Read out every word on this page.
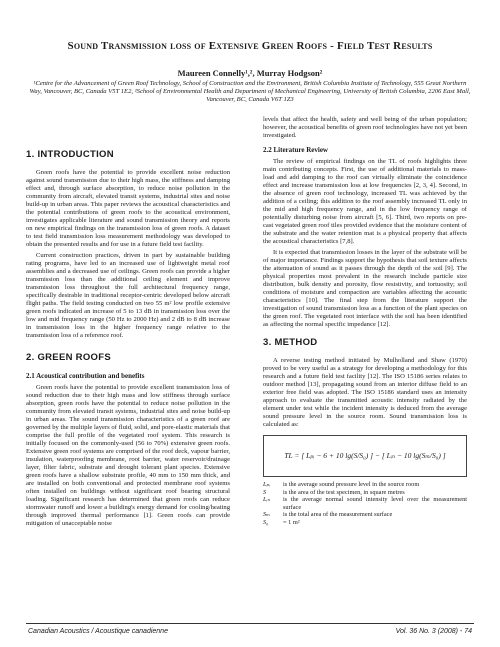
Sound Transmission loss of Extensive Green Roofs - Field Test Results
Maureen Connelly¹,², Murray Hodgson²
¹Centre for the Advancement of Green Roof Technology, School of Construction and the Environment, British Columbia Institute of Technology, 555 Great Northern Way, Vancouver, BC, Canada V5T 1E2, ²School of Environmental Health and Department of Mechanical Engineering, University of British Columbia, 2206 East Mall, Vancouver, BC, Canada V6T 1Z3
1. INTRODUCTION

Green roofs have the potential to provide excellent noise reduction against sound transmission due to their high mass, the stiffness and damping effect and, through surface absorption, to reduce noise pollution in the community from aircraft, elevated transit systems, industrial sites and noise build-up in urban areas. This paper reviews the acoustical characteristics and the potential contributions of green roofs to the acoustical environment, investigates applicable literature and sound transmission theory and reports on new empirical findings on the transmission loss of green roofs. A dataset to test field transmission loss measurement methodology was developed to obtain the presented results and for use in a future field test facility.

Current construction practices, driven in part by sustainable building rating programs, have led to an increased use of lightweight metal roof assemblies and a decreased use of ceilings. Green roofs can provide a higher transmission loss than the additional ceiling element and improve transmission loss throughout the full architectural frequency range, specifically desirable in traditional receptor-centric developed below aircraft flight paths. The field testing conducted on two 55 m² low profile extensive green roofs indicated an increase of 5 to 13 dB in transmission loss over the low and mid frequency range (50 Hz to 2000 Hz) and 2 dB to 8 dB increase in transmission loss in the higher frequency range relative to the transmission loss of a reference roof.

2. GREEN ROOFS
2.1 Acoustical contribution and benefits

Green roofs have the potential to provide excellent transmission loss of sound reduction due to their high mass and low stiffness through surface absorption, green roofs have the potential to reduce noise pollution in the community from elevated transit systems, industrial sites and noise build-up in urban areas. The sound transmission characteristics of a green roof are governed by the multiple layers of fluid, solid, and pore-elastic materials that comprise the full profile of the vegetated roof system. This research is initially focused on the commonly-used (56 to 70%) extensive green roofs. Extensive green roof systems are comprised of the roof deck, vapour barrier, insulation, waterproofing membrane, root barrier, water reservoir/drainage layer, filter fabric, substrate and drought tolerant plant species. Extensive green roofs have a shallow substrate profile, 40 mm to 150 mm thick, and are installed on both conventional and protected membrane roof systems often installed on buildings without significant roof bearing structural loading. Significant research has determined that green roofs can reduce stormwater runoff and lower a building's energy demand for cooling/heating through improved thermal performance [1]. Green roofs can provide mitigation of unacceptable noise

levels that affect the health, safety and well being of the urban population; however, the acoustical benefits of green roof technologies have not yet been investigated.

2.2 Literature Review

The review of empirical findings on the TL of roofs highlights three main contributing concepts. First, the use of additional materials to mass-load and add damping to the roof can virtually eliminate the coincidence effect and increase transmission loss at low frequencies [2, 3, 4]. Second, in the absence of green roof technology, increased TL was achieved by the addition of a ceiling; this addition to the roof assembly increased TL only in the mid and high frequency range, and in the low frequency range of potentially disturbing noise from aircraft [5, 6]. Third, two reports on pre-cast vegetated green roof tiles provided evidence that the moisture content of the substrate and the water retention mat is a physical property that affects the acoustical characteristics [7,8].

It is expected that transmission losses in the layer of the substrate will be of major importance. Findings support the hypothesis that soil texture affects the attenuation of sound as it passes through the depth of the soil [9]. The physical properties most prevalent in the research include particle size distribution, bulk density and porosity, flow resistivity, and tortuosity; soil conditions of moisture and compaction are variables affecting the acoustic characteristics [10]. The final step from the literature support the investigation of sound transmission loss as a function of the plant species on the green roof. The vegetated root interface with the soil has been identified as affecting the normal specific impedance [12].

3. METHOD

A reverse testing method initiated by Mulholland and Shaw (1970) proved to be very useful as a strategy for developing a methodology for this research and a future field test facility [12]. The ISO 15186 series relates to outdoor method [13], propagating sound from an interior diffuse field to an exterior free field was adopted. The ISO 15186 standard uses an intensity approach to evaluate the transmitted acoustic intensity radiated by the element under test while the incident intensity is deduced from the average sound pressure level in the source room. Sound transmission loss is calculated as:

TL = [ Lₚᵢ − 6 + 10 lg(S/S₀) ] − [ Lᵢₙ − 10 lg(Sₘ/S₀) ]
Lₚᵢ	is the average sound pressure level in the source room
S	is the area of the test specimen, in square metres
Lᵢₙ	is the average normal sound intensity level over the measurement surface
Sₘ	is the total area of the measurement surface
S₀	= 1 m²
Canadian Acoustics / Acoustique canadienne	Vol. 36 No. 3 (2008) - 74
